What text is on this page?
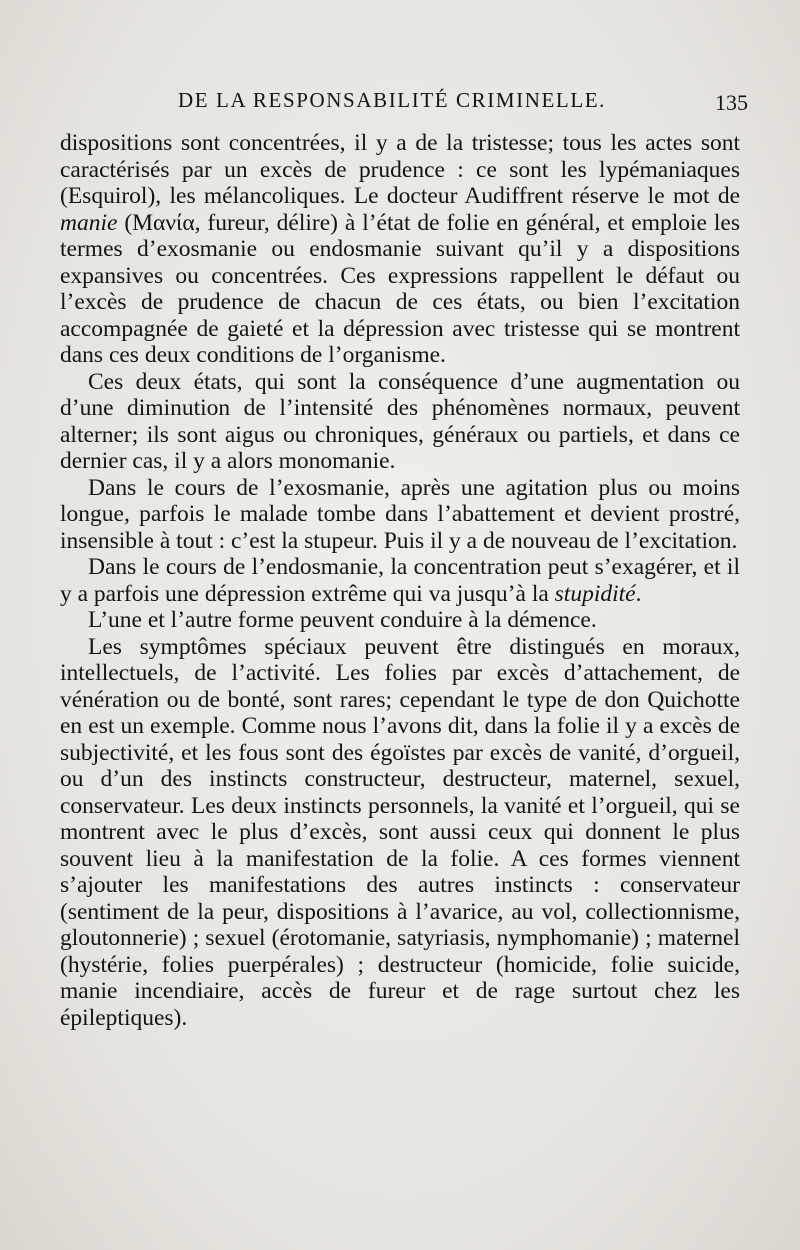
DE LA RESPONSABILITÉ CRIMINELLE.	135

dispositions sont concentrées, il y a de la tristesse; tous les actes sont caractérisés par un excès de prudence : ce sont les lypémaniaques (Esquirol), les mélancoliques. Le docteur Audiffrent réserve le mot de manie (Μανία, fureur, délire) à l’état de folie en général, et emploie les termes d’exosmanie ou endosmanie suivant qu’il y a dispositions expansives ou concentrées. Ces expressions rappellent le défaut ou l’excès de prudence de chacun de ces états, ou bien l’excitation accompagnée de gaieté et la dépression avec tristesse qui se montrent dans ces deux conditions de l’organisme.

Ces deux états, qui sont la conséquence d’une augmentation ou d’une diminution de l’intensité des phénomènes normaux, peuvent alterner; ils sont aigus ou chroniques, généraux ou partiels, et dans ce dernier cas, il y a alors monomanie.

Dans le cours de l’exosmanie, après une agitation plus ou moins longue, parfois le malade tombe dans l’abattement et devient prostré, insensible à tout : c’est la stupeur. Puis il y a de nouveau de l’excitation.

Dans le cours de l’endosmanie, la concentration peut s’exagérer, et il y a parfois une dépression extrême qui va jusqu’à la stupidité.

L’une et l’autre forme peuvent conduire à la démence.

Les symptômes spéciaux peuvent être distingués en moraux, intellectuels, de l’activité. Les folies par excès d’attachement, de vénération ou de bonté, sont rares; cependant le type de don Quichotte en est un exemple. Comme nous l’avons dit, dans la folie il y a excès de subjectivité, et les fous sont des égoïstes par excès de vanité, d’orgueil, ou d’un des instincts constructeur, destructeur, maternel, sexuel, conservateur. Les deux instincts personnels, la vanité et l’orgueil, qui se montrent avec le plus d’excès, sont aussi ceux qui donnent le plus souvent lieu à la manifestation de la folie. A ces formes viennent s’ajouter les manifestations des autres instincts : conservateur (sentiment de la peur, dispositions à l’avarice, au vol, collectionnisme, gloutonnerie) ; sexuel (érotomanie, satyriasis, nymphomanie) ; maternel (hystérie, folies puerpérales) ; destructeur (homicide, folie suicide, manie incendiaire, accès de fureur et de rage surtout chez les épileptiques).
